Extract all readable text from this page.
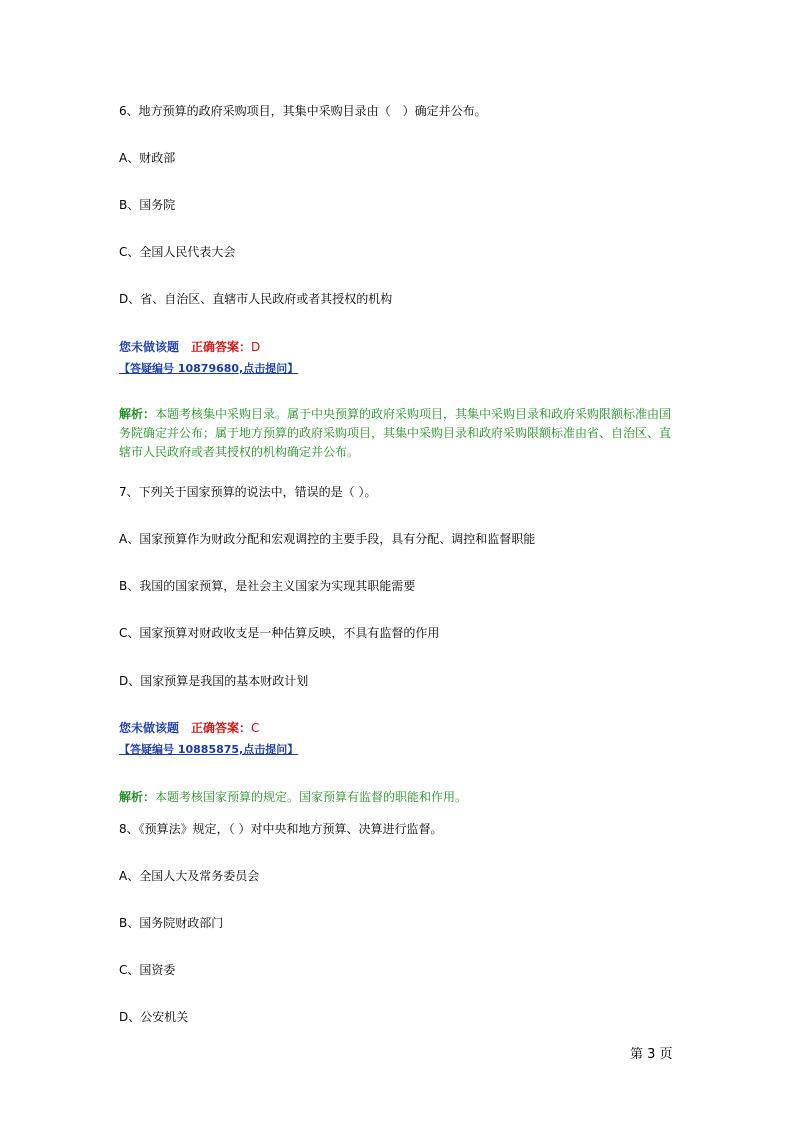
6、地方预算的政府采购项目，其集中采购目录由（　）确定并公布。
A、财政部
B、国务院
C、全国人民代表大会
D、省、自治区、直辖市人民政府或者其授权的机构
您未做该题 正确答案：D
【答疑编号 10879680,点击提问】
解析：本题考核集中采购目录。属于中央预算的政府采购项目，其集中采购目录和政府采购限额标准由国务院确定并公布；属于地方预算的政府采购项目，其集中采购目录和政府采购限额标准由省、自治区、直辖市人民政府或者其授权的机构确定并公布。
7、下列关于国家预算的说法中，错误的是（ ）。
A、国家预算作为财政分配和宏观调控的主要手段，具有分配、调控和监督职能
B、我国的国家预算，是社会主义国家为实现其职能需要
C、国家预算对财政收支是一种估算反映，不具有监督的作用
D、国家预算是我国的基本财政计划
您未做该题 正确答案：C
【答疑编号 10885875,点击提问】
解析：本题考核国家预算的规定。国家预算有监督的职能和作用。
8、《预算法》规定，（ ）对中央和地方预算、决算进行监督。
A、全国人大及常务委员会
B、国务院财政部门
C、国资委
D、公安机关
第 3 页
